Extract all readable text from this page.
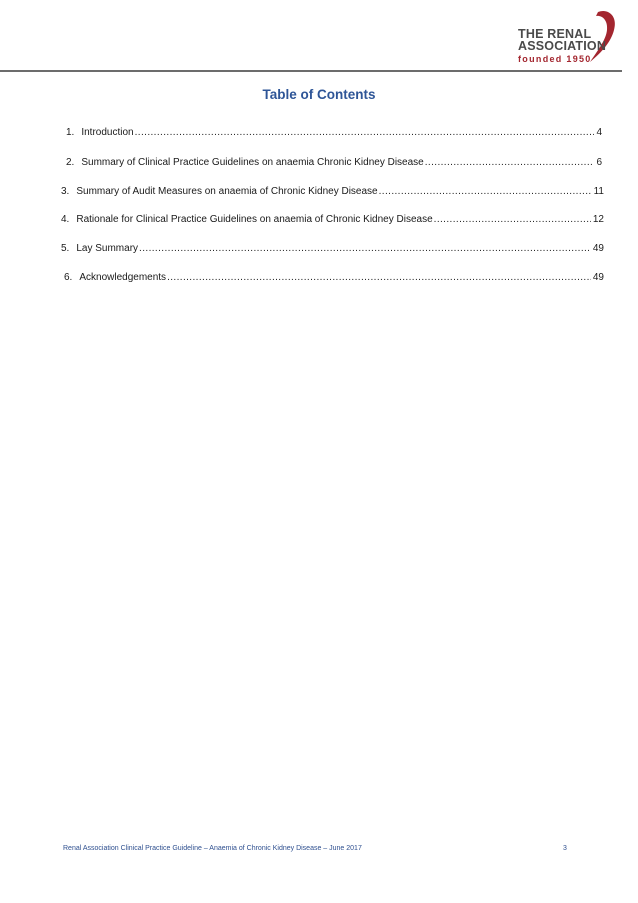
THE RENAL
ASSOCIATION
founded 1950
Table of Contents
1. Introduction .....	4
2. Summary of Clinical Practice Guidelines on anaemia Chronic Kidney Disease .....	6
3. Summary of Audit Measures on anaemia of Chronic Kidney Disease .....	11
4. Rationale for Clinical Practice Guidelines on anaemia of Chronic Kidney Disease .....	12
5. Lay Summary .....	49
6. Acknowledgements .....	49
Renal Association Clinical Practice Guideline – Anaemia of Chronic Kidney Disease – June 2017	3
